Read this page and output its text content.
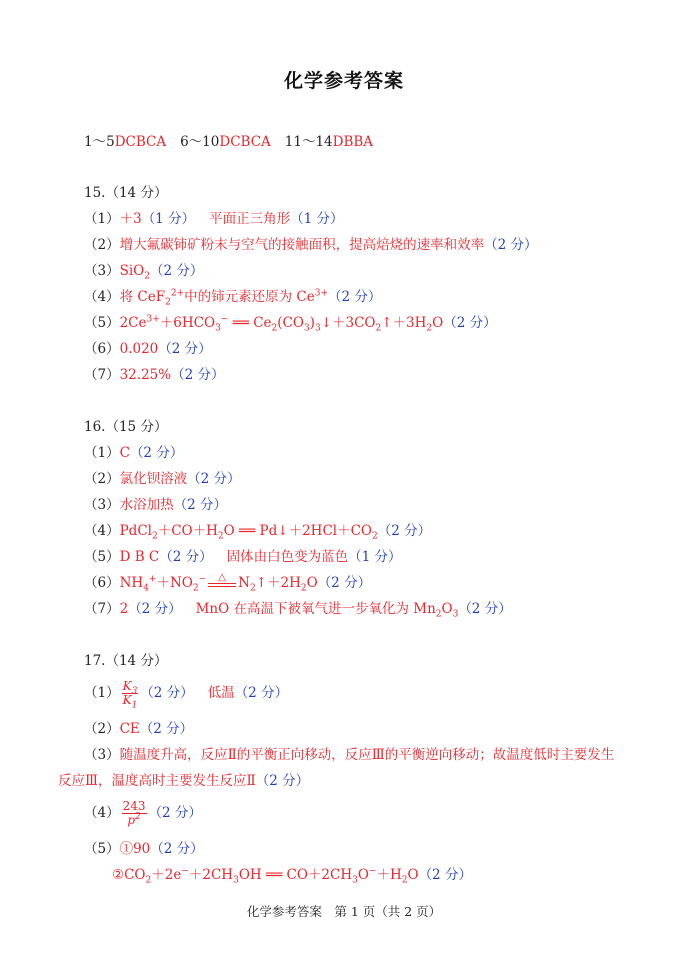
化学参考答案
1～5DCBCA 6～10DCBCA 11～14DBBA
15.（14 分）
（1）＋3（1 分） 平面正三角形（1 分）
（2）增大氟碳铈矿粉末与空气的接触面积，提高焙烧的速率和效率（2 分）
（3）SiO$_2$（2 分）
（4）将 CeF$_2^{2+}$中的铈元素还原为 $Ce^{3+}(2$ 分）
$(5)2Ce^{3+}+6HCO_3^-$ ══ $Ce_2(CO_3)_3↓+3CO_2↑+3H_2O(2$ 分）
（6）0.020（2 分）
（7）32.25%（2 分）
16.（15 分）
（1）C（2 分）
（2）氯化钡溶液（2 分）
（3）水浴加热（2 分）
$(4)PdCl_2+CO+H_2O$ ══ $Pd↓+2HCl+CO_2(2$ 分）
（5）D B C（2 分） 固体由白色变为蓝色（1 分）
$(6)NH_4^++NO_2^-$	△ $N_2↑+2H_2O(2$ 分）
（7）2（2 分） MnO 在高温下被氧气进一步氧化为 $Mn_2O_3(2$ 分）
17.（14 分）
$(1) \frac{K_3}{K_1} (2$ 分） 低温（2 分）
（2）CE（2 分）
（3）随温度升高，反应Ⅱ的平衡正向移动，反应Ⅲ的平衡逆向移动；故温度低时主要发生
反应Ⅲ，温度高时主要发生反应Ⅱ（2 分）
$(4) \frac{243}{p^2} (2$ 分）
（5）①90（2 分）
$②CO_2+2e^-+2CH_3OH$ ══ $CO+2CH_3O^-+H_2O(2$ 分）
化学参考答案　第 1 页（共 2 页）
